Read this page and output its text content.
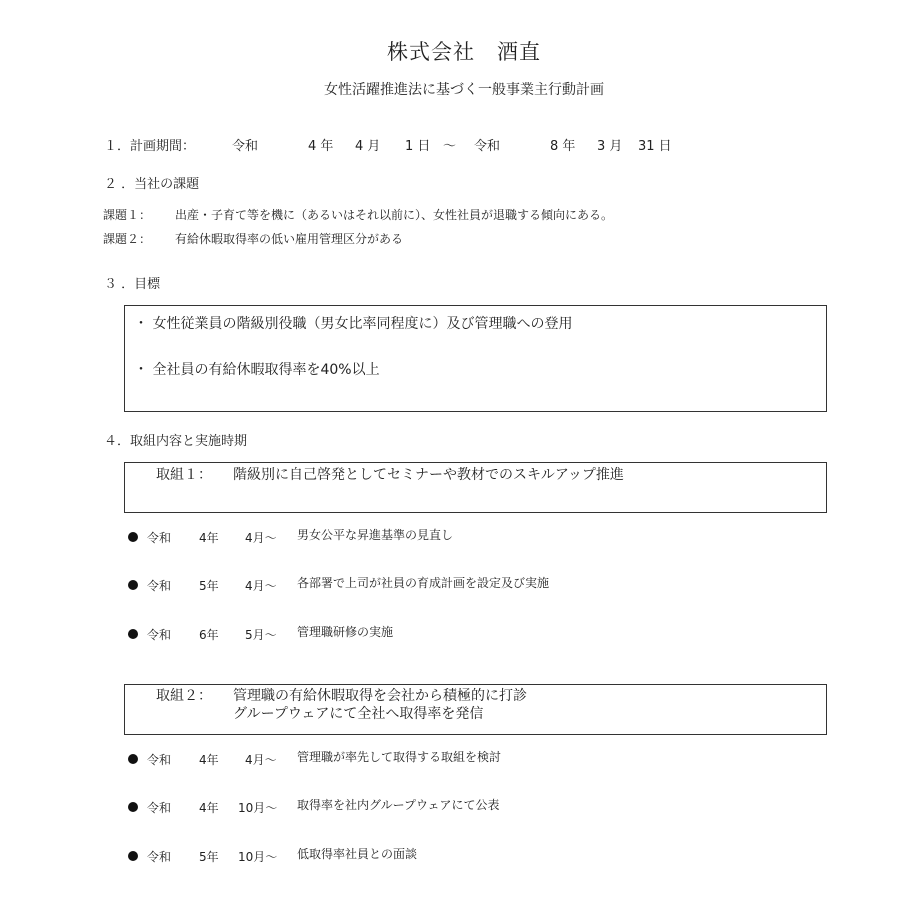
株式会社　酒直
女性活躍推進法に基づく一般事業主行動計画
１．計画期間：	令和	4 年 4 月 1 日 ～ 令和	8 年 3 月 31 日
２ ．当社の課題
課題１： 出産・子育て等を機に（あるいはそれ以前に）、女性社員が退職する傾向にある。
課題２： 有給休暇取得率の低い雇用管理区分がある
３ ．目標
・ 女性従業員の階級別役職（男女比率同程度に）及び管理職への登用
・ 全社員の有給休暇取得率を40%以上
４．取組内容と実施時期
取組１： 階級別に自己啓発としてセミナーや教材でのスキルアップ推進
令和 4年 4月～ 男女公平な昇進基準の見直し
令和 5年 4月～ 各部署で上司が社員の育成計画を設定及び実施
令和 6年 5月～ 管理職研修の実施
取組２： 管理職の有給休暇取得を会社から積極的に打診
グループウェアにて全社へ取得率を発信
令和 4年 4月～ 管理職が率先して取得する取組を検討
令和 4年 10月～ 取得率を社内グループウェアにて公表
令和 5年 10月～ 低取得率社員との面談
